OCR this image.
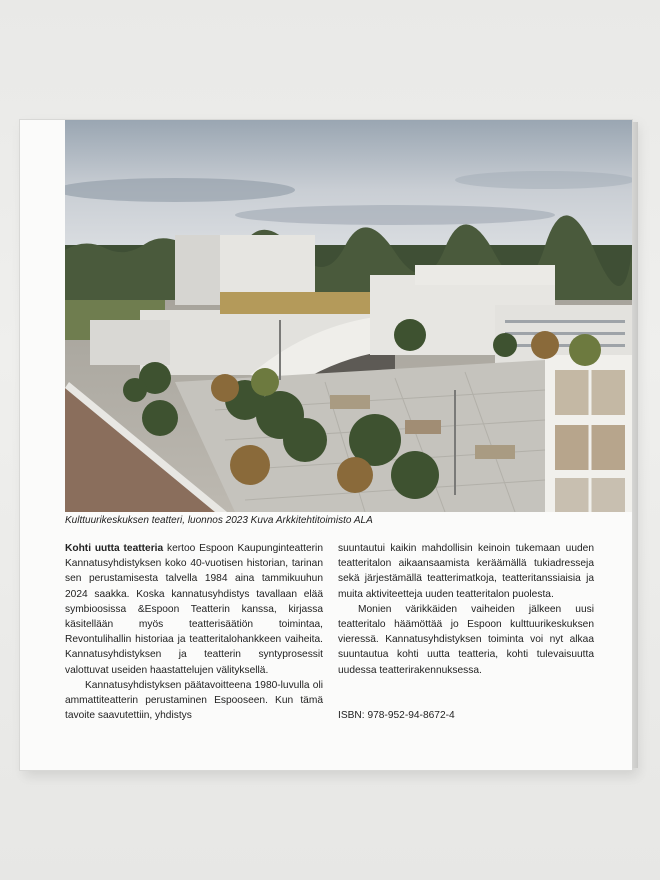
Kulttuurikeskuksen teatteri, luonnos 2023 Kuva Arkkitehtitoimisto ALA

Kohti uutta teatteria kertoo Espoon Kaupunginteatterin Kannatusyhdistyksen koko 40-vuotisen historian, tarinan sen perustamisesta talvella 1984 aina tammikuuhun 2024 saakka. Koska kannatusyhdistys tavallaan elää symbioosissa &Espoon Teatterin kanssa, kirjassa käsitellään myös teatterisäätiön toimintaa, Revontulihallin historiaa ja teatteritalohankkeen vaiheita. Kannatusyhdistyksen ja teatterin syntyprosessit valottuvat useiden haastattelujen välityksellä.

Kannatusyhdistyksen päätavoitteena 1980-luvulla oli ammattiteatterin perustaminen Espooseen. Kun tämä tavoite saavutettiin, yhdistys

suuntautui kaikin mahdollisin keinoin tukemaan uuden teatteritalon aikaansaamista keräämällä tukiadresseja sekä järjestämällä teatterimatkoja, teatteritanssiaisia ja muita aktiviteetteja uuden teatteritalon puolesta.

Monien värikkäiden vaiheiden jälkeen uusi teatteritalo häämöttää jo Espoon kulttuurikeskuksen vieressä. Kannatusyhdistyksen toiminta voi nyt alkaa suuntautua kohti uutta teatteria, kohti tulevaisuutta uudessa teatterirakennuksessa.

ISBN: 978-952-94-8672-4
